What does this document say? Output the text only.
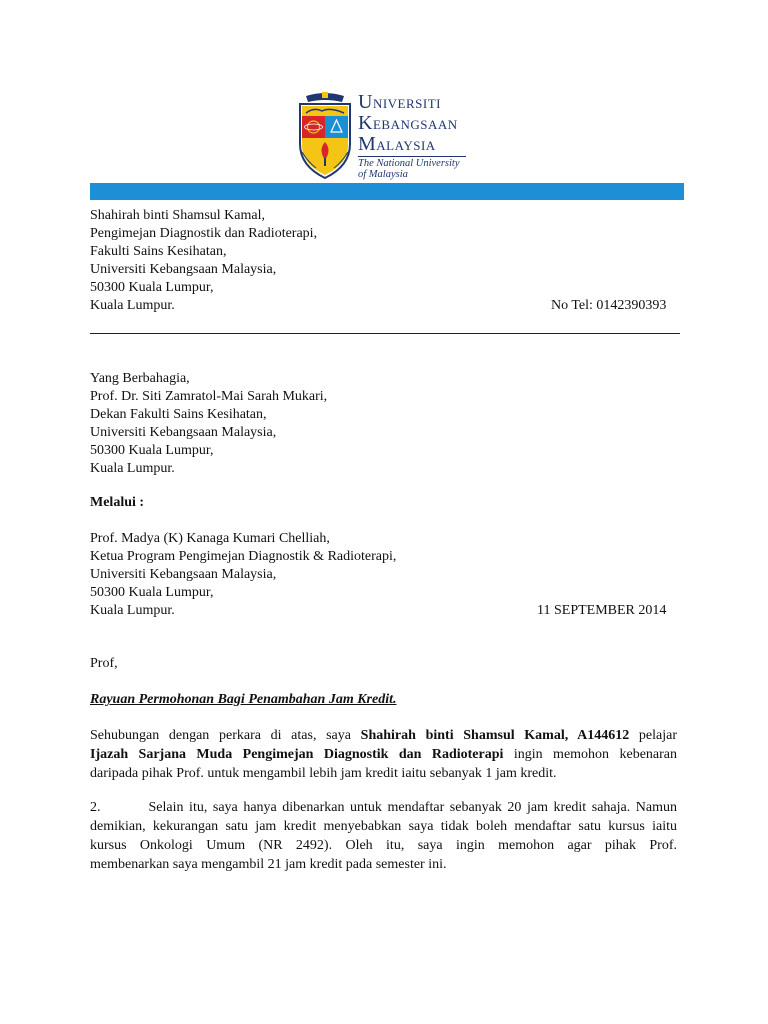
UNIVERSITI
KEBANGSAAN
MALAYSIA
The National University
of Malaysia
Shahirah binti Shamsul Kamal,
Pengimejan Diagnostik dan Radioterapi,
Fakulti Sains Kesihatan,
Universiti Kebangsaan Malaysia,
50300 Kuala Lumpur,
Kuala Lumpur.	No Tel: 0142390393
Yang Berbahagia,
Prof. Dr. Siti Zamratol-Mai Sarah Mukari,
Dekan Fakulti Sains Kesihatan,
Universiti Kebangsaan Malaysia,
50300 Kuala Lumpur,
Kuala Lumpur.
Melalui :
Prof. Madya (K) Kanaga Kumari Chelliah,
Ketua Program Pengimejan Diagnostik & Radioterapi,
Universiti Kebangsaan Malaysia,
50300 Kuala Lumpur,
Kuala Lumpur.	11 SEPTEMBER 2014
Prof,
Rayuan Permohonan Bagi Penambahan Jam Kredit.
Sehubungan dengan perkara di atas, saya Shahirah binti Shamsul Kamal, A144612 pelajar
Ijazah Sarjana Muda Pengimejan Diagnostik dan Radioterapi ingin memohon kebenaran
daripada pihak Prof. untuk mengambil lebih jam kredit iaitu sebanyak 1 jam kredit.
2.	Selain itu, saya hanya dibenarkan untuk mendaftar sebanyak 20 jam kredit sahaja. Namun
demikian, kekurangan satu jam kredit menyebabkan saya tidak boleh mendaftar satu kursus iaitu
kursus Onkologi Umum (NR 2492). Oleh itu, saya ingin memohon agar pihak Prof.
membenarkan saya mengambil 21 jam kredit pada semester ini.
